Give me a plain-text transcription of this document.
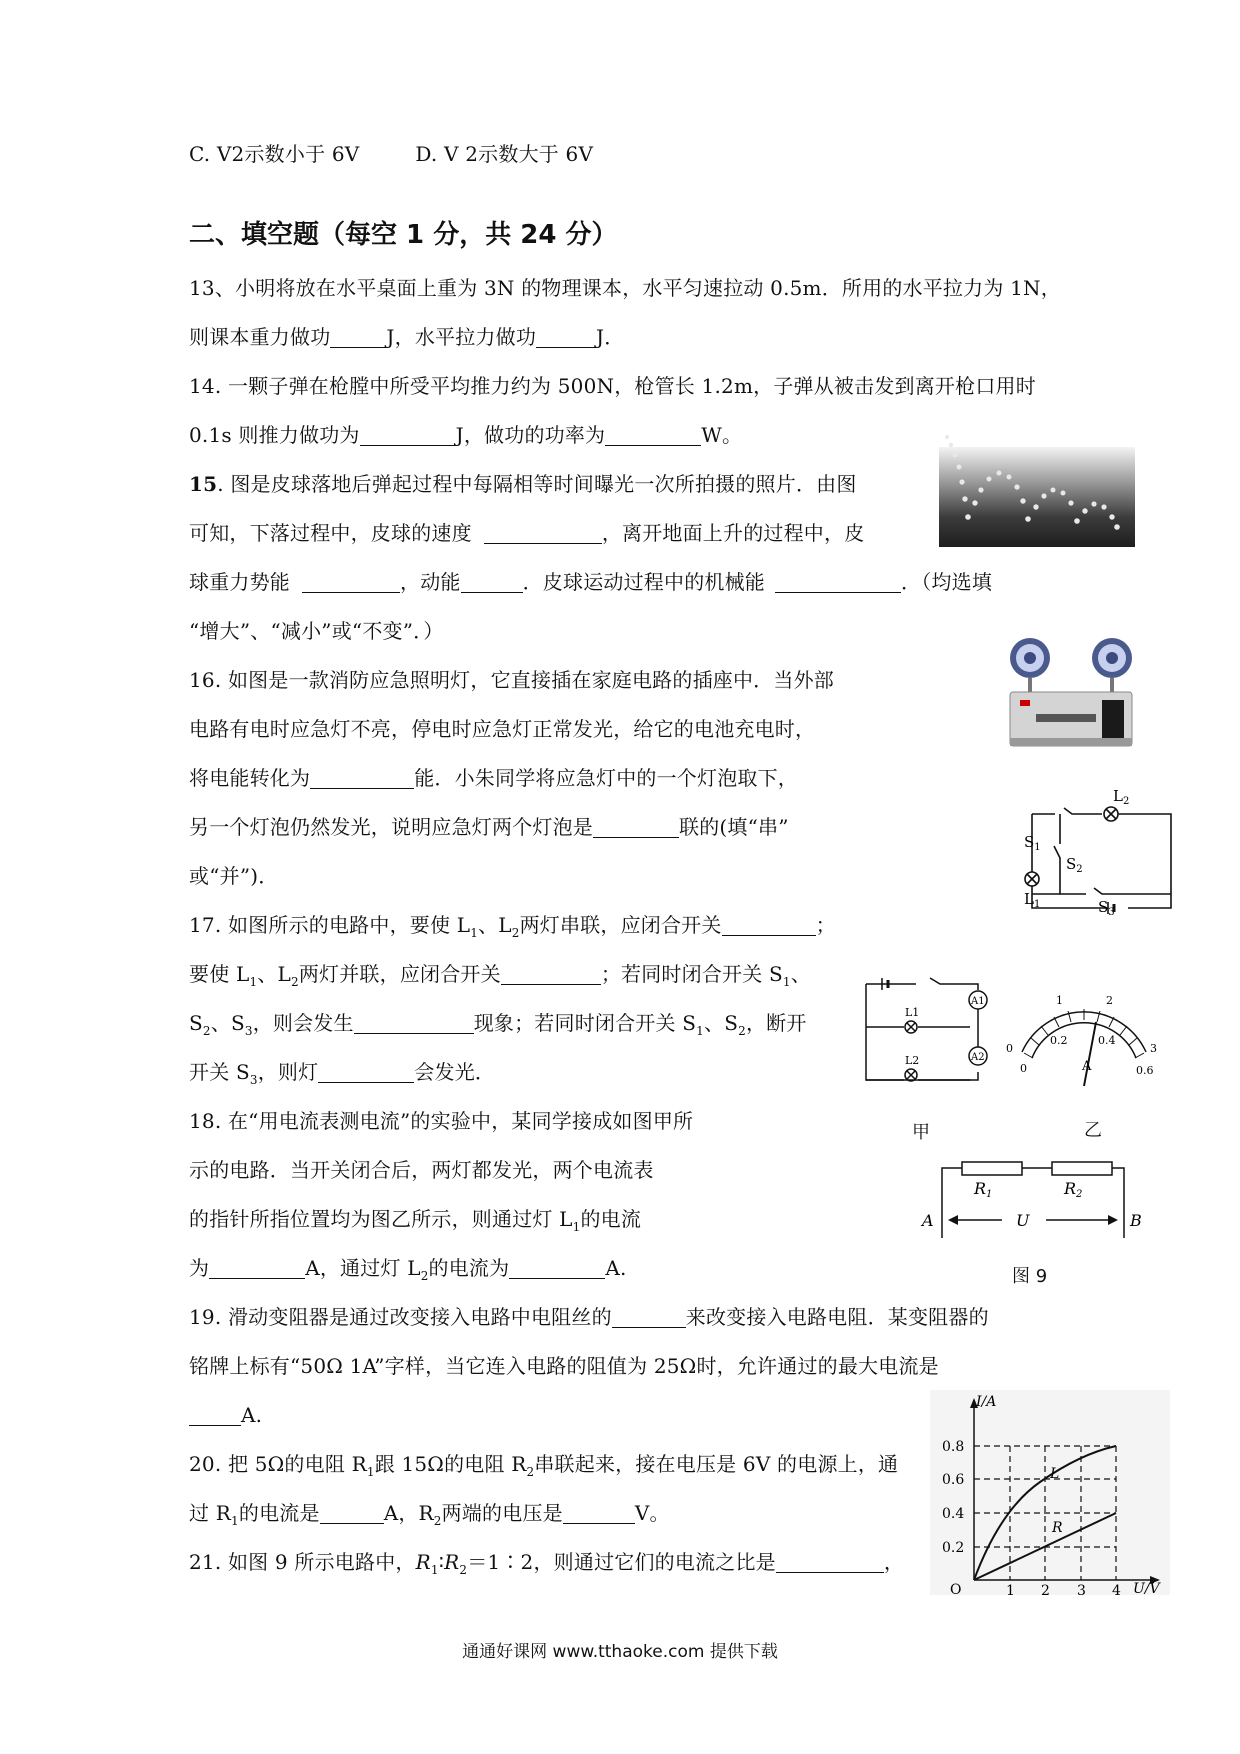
C. V2示数小于 6V	D. V 2示数大于 6V
二、填空题（每空 1 分，共 24 分）
13、小明将放在水平桌面上重为 3N 的物理课本，水平匀速拉动 0.5m．所用的水平拉力为 1N，
则课本重力做功	J，水平拉力做功	J．
14. 一颗子弹在枪膛中所受平均推力约为 500N，枪管长 1.2m，子弹从被击发到离开枪口用时
0.1s 则推力做功为	J，做功的功率为	W。
15. 图是皮球落地后弹起过程中每隔相等时间曝光一次所拍摄的照片．由图
可知，下落过程中，皮球的速度	，离开地面上升的过程中，皮
球重力势能	，动能	．皮球运动过程中的机械能	．（均选填
“增大”、“减小”或“不变”．）
16. 如图是一款消防应急照明灯，它直接插在家庭电路的插座中．当外部
电路有电时应急灯不亮，停电时应急灯正常发光，给它的电池充电时，
将电能转化为	能．小朱同学将应急灯中的一个灯泡取下，
另一个灯泡仍然发光，说明应急灯两个灯泡是	联的(填“串”
或“并”)．
17. 如图所示的电路中，要使 $L_1$、$L_2$两灯串联，应闭合开关	；
要使 $L_1$、$L_2$两灯并联，应闭合开关	；若同时闭合开关 $S_1$、
$S_2$、$S_3$，则会发生	现象；若同时闭合开关 $S_1$、$S_2$，断开
开关 $S_3$，则灯	会发光．
18. 在“用电流表测电流”的实验中，某同学接成如图甲所
示的电路．当开关闭合后，两灯都发光，两个电流表
的指针所指位置均为图乙所示，则通过灯 $L_1$的电流
为	A，通过灯 $L_2$的电流为	A.
19. 滑动变阻器是通过改变接入电路中电阻丝的	来改变接入电路电阻．某变阻器的
铭牌上标有“50Ω 1A”字样，当它连入电路的阻值为 25Ω时，允许通过的最大电流是
A.
20. 把 5Ω的电阻 $R_1$跟 15Ω的电阻 $R_2$串联起来，接在电压是 6V 的电源上，通
过 $R_1$的电流是	A，$R_2$两端的电压是	V。
21. 如图 9 所示电路中，$R_1∶R_2=1∶2$，则通过它们的电流之比是	，
$L_2$
$S_1$
$S_2$
$L_1$	$S_3$
A1
A2
L1
L2
0
1	2
3
0
0.2	0.4
0.6
A
甲	乙
R1	R2
A	U	B
图 9
I/A
U/V
O
L
R
0.8
0.6
0.4
0.2
1 2 3 4
通通好课网 www.tthaoke.com 提供下载
